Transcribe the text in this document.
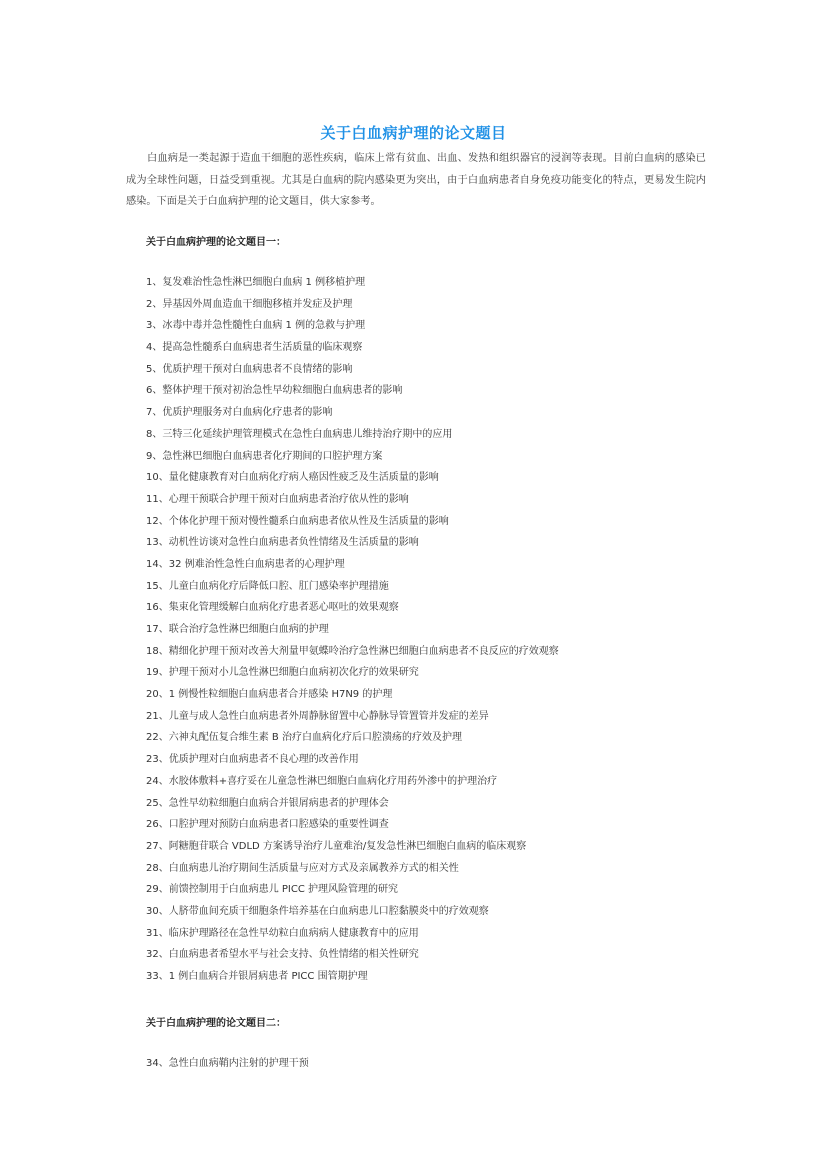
关于白血病护理的论文题目
白血病是一类起源于造血干细胞的恶性疾病，临床上常有贫血、出血、发热和组织器官的浸润等表现。目前白血病的感染已成为全球性问题，日益受到重视。尤其是白血病的院内感染更为突出，由于白血病患者自身免疫功能变化的特点，更易发生院内感染。下面是关于白血病护理的论文题目，供大家参考。
关于白血病护理的论文题目一：
1、复发难治性急性淋巴细胞白血病 1 例移植护理
2、异基因外周血造血干细胞移植并发症及护理
3、冰毒中毒并急性髓性白血病 1 例的急救与护理
4、提高急性髓系白血病患者生活质量的临床观察
5、优质护理干预对白血病患者不良情绪的影响
6、整体护理干预对初治急性早幼粒细胞白血病患者的影响
7、优质护理服务对白血病化疗患者的影响
8、三特三化延续护理管理模式在急性白血病患儿维持治疗期中的应用
9、急性淋巴细胞白血病患者化疗期间的口腔护理方案
10、量化健康教育对白血病化疗病人癌因性疲乏及生活质量的影响
11、心理干预联合护理干预对白血病患者治疗依从性的影响
12、个体化护理干预对慢性髓系白血病患者依从性及生活质量的影响
13、动机性访谈对急性白血病患者负性情绪及生活质量的影响
14、32 例难治性急性白血病患者的心理护理
15、儿童白血病化疗后降低口腔、肛门感染率护理措施
16、集束化管理缓解白血病化疗患者恶心呕吐的效果观察
17、联合治疗急性淋巴细胞白血病的护理
18、精细化护理干预对改善大剂量甲氨蝶呤治疗急性淋巴细胞白血病患者不良反应的疗效观察
19、护理干预对小儿急性淋巴细胞白血病初次化疗的效果研究
20、1 例慢性粒细胞白血病患者合并感染 H7N9 的护理
21、儿童与成人急性白血病患者外周静脉留置中心静脉导管置管并发症的差异
22、六神丸配伍复合维生素 B 治疗白血病化疗后口腔溃疡的疗效及护理
23、优质护理对白血病患者不良心理的改善作用
24、水胶体敷料+喜疗妥在儿童急性淋巴细胞白血病化疗用药外渗中的护理治疗
25、急性早幼粒细胞白血病合并银屑病患者的护理体会
26、口腔护理对预防白血病患者口腔感染的重要性调查
27、阿糖胞苷联合 VDLD 方案诱导治疗儿童难治/复发急性淋巴细胞白血病的临床观察
28、白血病患儿治疗期间生活质量与应对方式及亲属教养方式的相关性
29、前馈控制用于白血病患儿 PICC 护理风险管理的研究
30、人脐带血间充质干细胞条件培养基在白血病患儿口腔黏膜炎中的疗效观察
31、临床护理路径在急性早幼粒白血病病人健康教育中的应用
32、白血病患者希望水平与社会支持、负性情绪的相关性研究
33、1 例白血病合并银屑病患者 PICC 围管期护理
关于白血病护理的论文题目二：
34、急性白血病鞘内注射的护理干预
